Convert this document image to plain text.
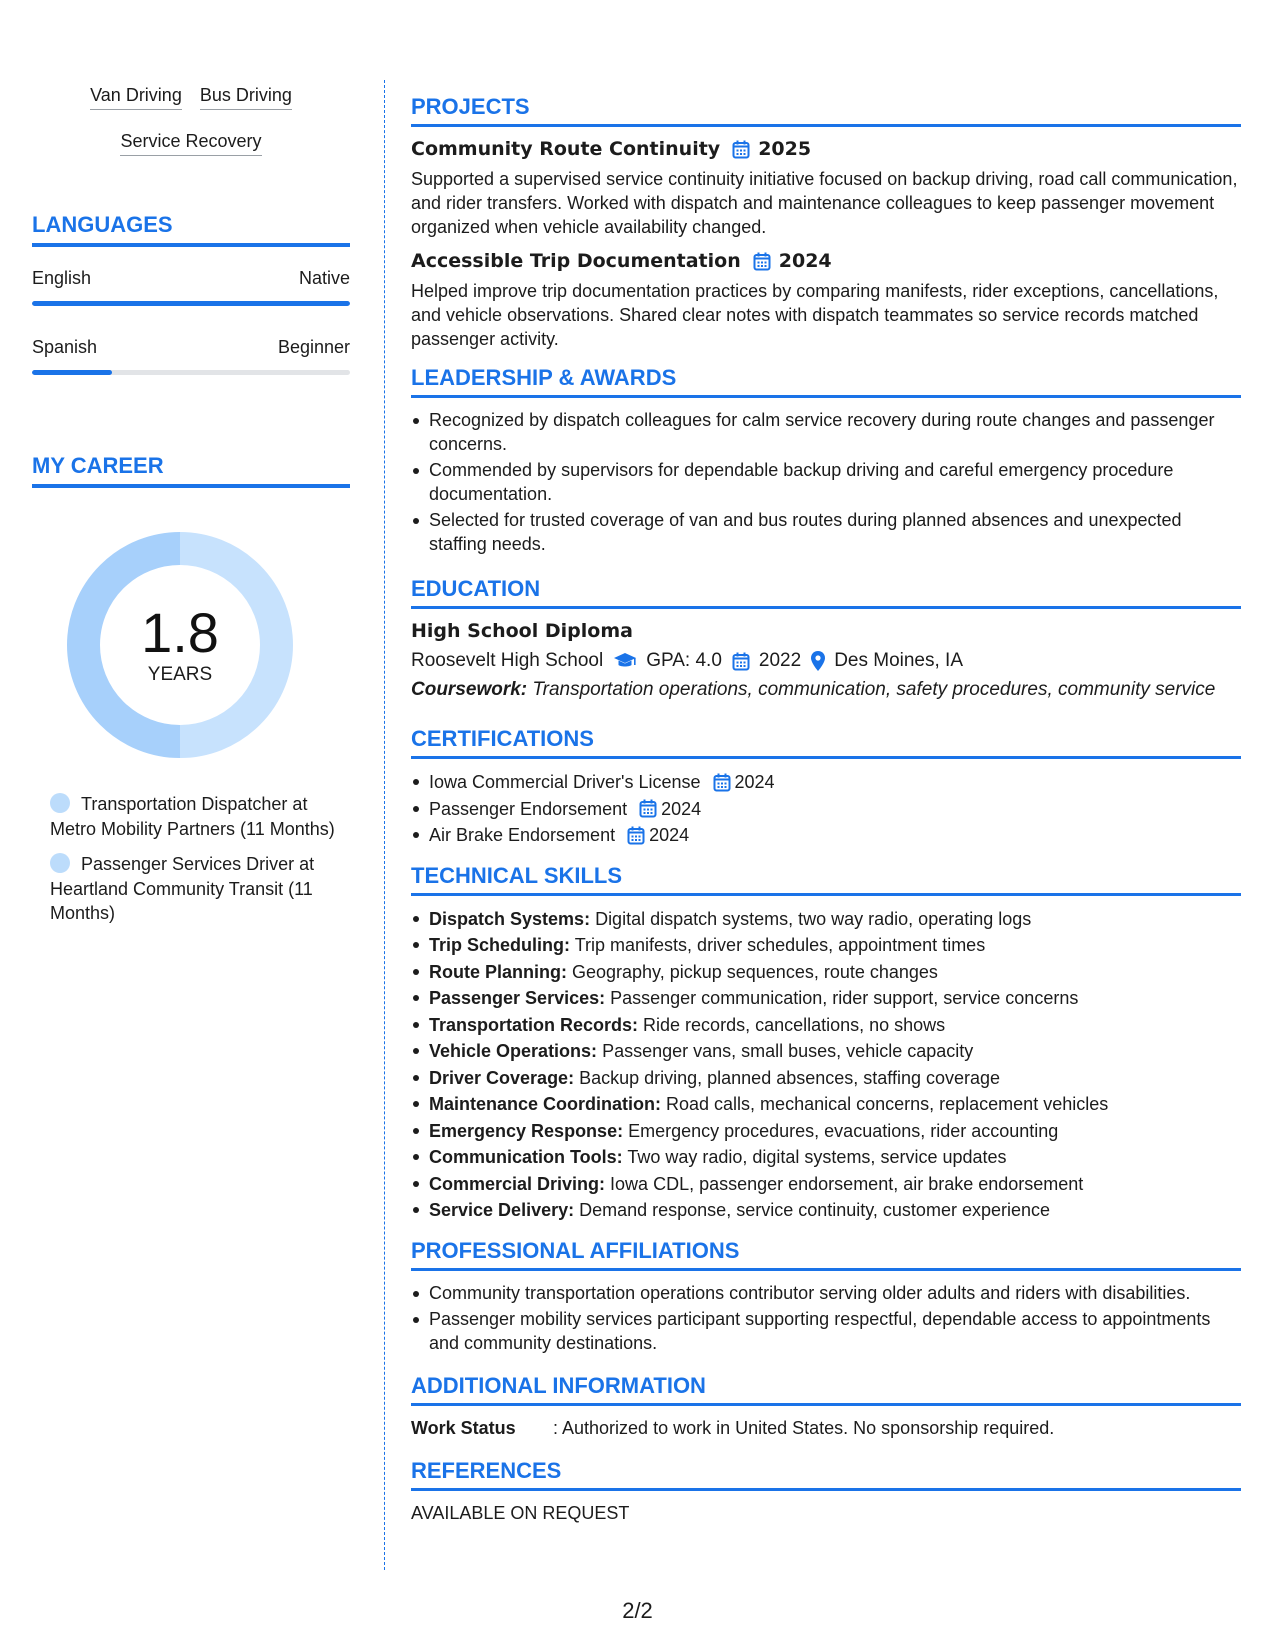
Van Driving Bus Driving
Service Recovery
LANGUAGES
English	Native
Spanish	Beginner
MY CAREER
1.8
YEARS
Transportation Dispatcher at Metro Mobility Partners (11 Months)
Passenger Services Driver at Heartland Community Transit (11 Months)
PROJECTS
Community Route Continuity 2025
Supported a supervised service continuity initiative focused on backup driving, road call communication, and rider transfers. Worked with dispatch and maintenance colleagues to keep passenger movement organized when vehicle availability changed.
Accessible Trip Documentation 2024
Helped improve trip documentation practices by comparing manifests, rider exceptions, cancellations, and vehicle observations. Shared clear notes with dispatch teammates so service records matched passenger activity.
LEADERSHIP & AWARDS
Recognized by dispatch colleagues for calm service recovery during route changes and passenger concerns.
Commended by supervisors for dependable backup driving and careful emergency procedure documentation.
Selected for trusted coverage of van and bus routes during planned absences and unexpected staffing needs.
EDUCATION
High School Diploma
Roosevelt High School GPA: 4.0 2022 Des Moines, IA
Coursework: Transportation operations, communication, safety procedures, community service
CERTIFICATIONS
Iowa Commercial Driver's License 2024
Passenger Endorsement 2024
Air Brake Endorsement 2024
TECHNICAL SKILLS
Dispatch Systems: Digital dispatch systems, two way radio, operating logs
Trip Scheduling: Trip manifests, driver schedules, appointment times
Route Planning: Geography, pickup sequences, route changes
Passenger Services: Passenger communication, rider support, service concerns
Transportation Records: Ride records, cancellations, no shows
Vehicle Operations: Passenger vans, small buses, vehicle capacity
Driver Coverage: Backup driving, planned absences, staffing coverage
Maintenance Coordination: Road calls, mechanical concerns, replacement vehicles
Emergency Response: Emergency procedures, evacuations, rider accounting
Communication Tools: Two way radio, digital systems, service updates
Commercial Driving: Iowa CDL, passenger endorsement, air brake endorsement
Service Delivery: Demand response, service continuity, customer experience
PROFESSIONAL AFFILIATIONS
Community transportation operations contributor serving older adults and riders with disabilities.
Passenger mobility services participant supporting respectful, dependable access to appointments and community destinations.
ADDITIONAL INFORMATION
Work Status	: Authorized to work in United States. No sponsorship required.
REFERENCES
AVAILABLE ON REQUEST
2/2
